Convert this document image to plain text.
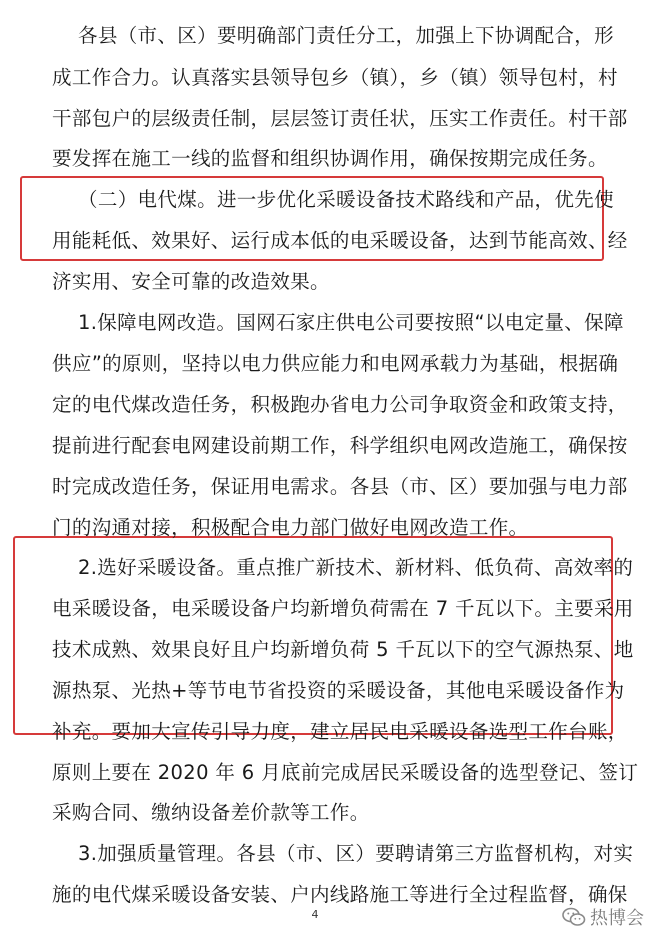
各县（市、区）要明确部门责任分工，加强上下协调配合，形
成工作合力。认真落实县领导包乡（镇），乡（镇）领导包村，村
干部包户的层级责任制，层层签订责任状，压实工作责任。村干部
要发挥在施工一线的监督和组织协调作用，确保按期完成任务。
（二）电代煤。进一步优化采暖设备技术路线和产品，优先使
用能耗低、效果好、运行成本低的电采暖设备，达到节能高效、经
济实用、安全可靠的改造效果。
1.保障电网改造。国网石家庄供电公司要按照“以电定量、保障
供应”的原则，坚持以电力供应能力和电网承载力为基础，根据确
定的电代煤改造任务，积极跑办省电力公司争取资金和政策支持，
提前进行配套电网建设前期工作，科学组织电网改造施工，确保按
时完成改造任务，保证用电需求。各县（市、区）要加强与电力部
门的沟通对接，积极配合电力部门做好电网改造工作。
2.选好采暖设备。重点推广新技术、新材料、低负荷、高效率的
电采暖设备，电采暖设备户均新增负荷需在 7 千瓦以下。主要采用
技术成熟、效果良好且户均新增负荷 5 千瓦以下的空气源热泵、地
源热泵、光热+等节电节省投资的采暖设备，其他电采暖设备作为
补充。要加大宣传引导力度，建立居民电采暖设备选型工作台账，
原则上要在 2020 年 6 月底前完成居民采暖设备的选型登记、签订
采购合同、缴纳设备差价款等工作。
3.加强质量管理。各县（市、区）要聘请第三方监督机构，对实
施的电代煤采暖设备安装、户内线路施工等进行全过程监督，确保
4	热博会
